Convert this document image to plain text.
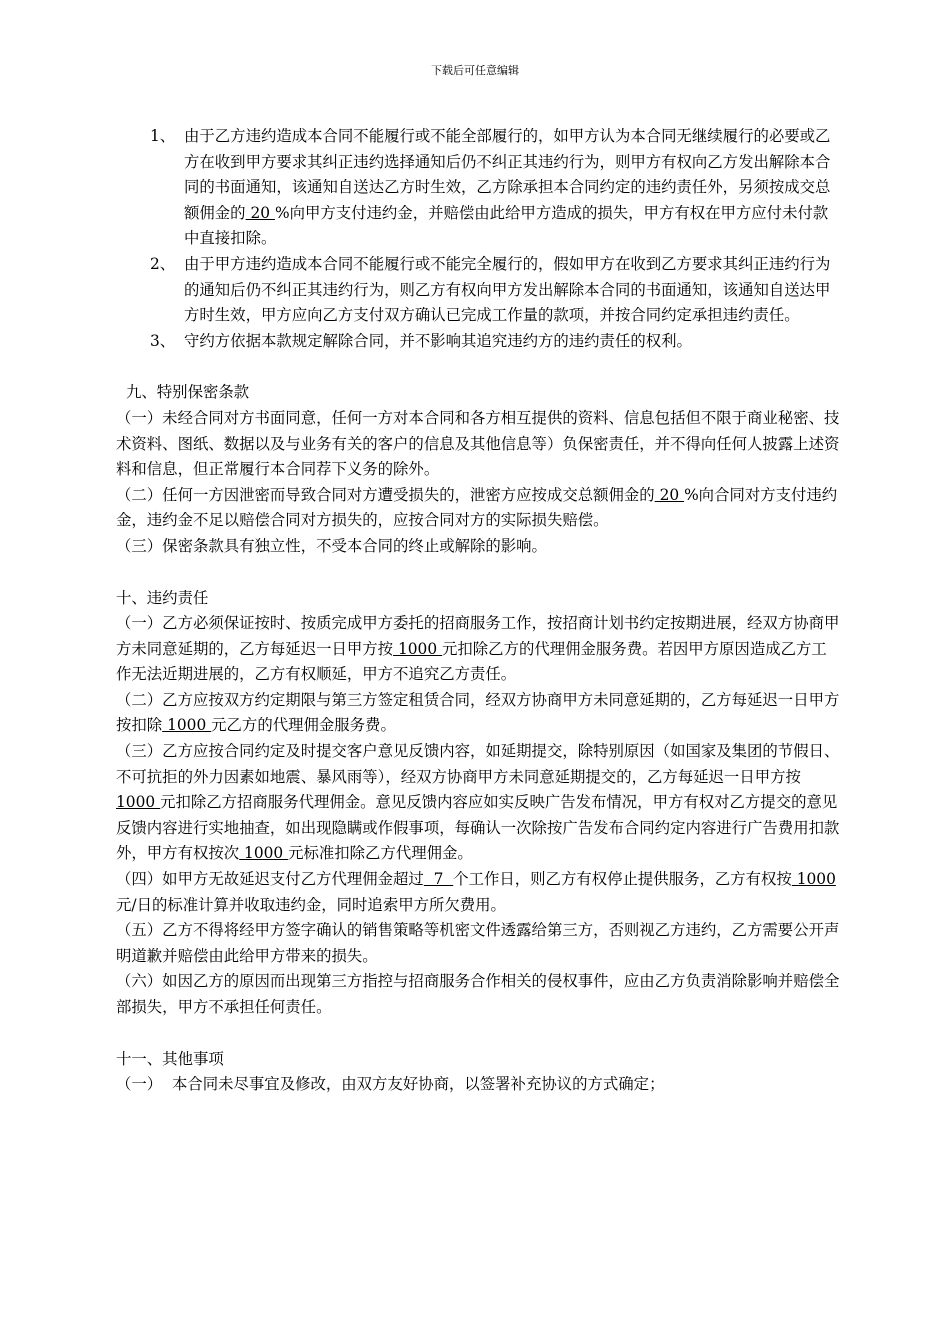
下载后可任意编辑
1、 由于乙方违约造成本合同不能履行或不能全部履行的，如甲方认为本合同无继续履行的必要或乙方在收到甲方要求其纠正违约选择通知后仍不纠正其违约行为，则甲方有权向乙方发出解除本合同的书面通知，该通知自送达乙方时生效，乙方除承担本合同约定的违约责任外，另须按成交总额佣金的 20 %向甲方支付违约金，并赔偿由此给甲方造成的损失，甲方有权在甲方应付未付款中直接扣除。
2、 由于甲方违约造成本合同不能履行或不能完全履行的，假如甲方在收到乙方要求其纠正违约行为的通知后仍不纠正其违约行为，则乙方有权向甲方发出解除本合同的书面通知，该通知自送达甲方时生效，甲方应向乙方支付双方确认已完成工作量的款项，并按合同约定承担违约责任。
3、 守约方依据本款规定解除合同，并不影响其追究违约方的违约责任的权利。

九、特别保密条款

（一）未经合同对方书面同意，任何一方对本合同和各方相互提供的资料、信息包括但不限于商业秘密、技术资料、图纸、数据以及与业务有关的客户的信息及其他信息等）负保密责任，并不得向任何人披露上述资料和信息，但正常履行本合同荐下义务的除外。

（二）任何一方因泄密而导致合同对方遭受损失的，泄密方应按成交总额佣金的 20 %向合同对方支付违约金，违约金不足以赔偿合同对方损失的，应按合同对方的实际损失赔偿。

（三）保密条款具有独立性，不受本合同的终止或解除的影响。

十、违约责任

（一）乙方必须保证按时、按质完成甲方委托的招商服务工作，按招商计划书约定按期进展，经双方协商甲方未同意延期的，乙方每延迟一日甲方按 1000 元扣除乙方的代理佣金服务费。若因甲方原因造成乙方工作无法近期进展的，乙方有权顺延，甲方不追究乙方责任。

（二）乙方应按双方约定期限与第三方签定租赁合同，经双方协商甲方未同意延期的，乙方每延迟一日甲方按扣除 1000 元乙方的代理佣金服务费。

（三）乙方应按合同约定及时提交客户意见反馈内容，如延期提交，除特别原因（如国家及集团的节假日、不可抗拒的外力因素如地震、暴风雨等），经双方协商甲方未同意延期提交的，乙方每延迟一日甲方按 1000 元扣除乙方招商服务代理佣金。意见反馈内容应如实反映广告发布情况，甲方有权对乙方提交的意见反馈内容进行实地抽查，如出现隐瞒或作假事项，每确认一次除按广告发布合同约定内容进行广告费用扣款外，甲方有权按次 1000 元标准扣除乙方代理佣金。

（四）如甲方无故延迟支付乙方代理佣金超过  7  个工作日，则乙方有权停止提供服务，乙方有权按 1000 元/日的标准计算并收取违约金，同时追索甲方所欠费用。

（五）乙方不得将经甲方签字确认的销售策略等机密文件透露给第三方，否则视乙方违约，乙方需要公开声明道歉并赔偿由此给甲方带来的损失。

（六）如因乙方的原因而出现第三方指控与招商服务合作相关的侵权事件，应由乙方负责消除影响并赔偿全部损失，甲方不承担任何责任。

十一、其他事项

（一）  本合同未尽事宜及修改，由双方友好协商，以签署补充协议的方式确定；
